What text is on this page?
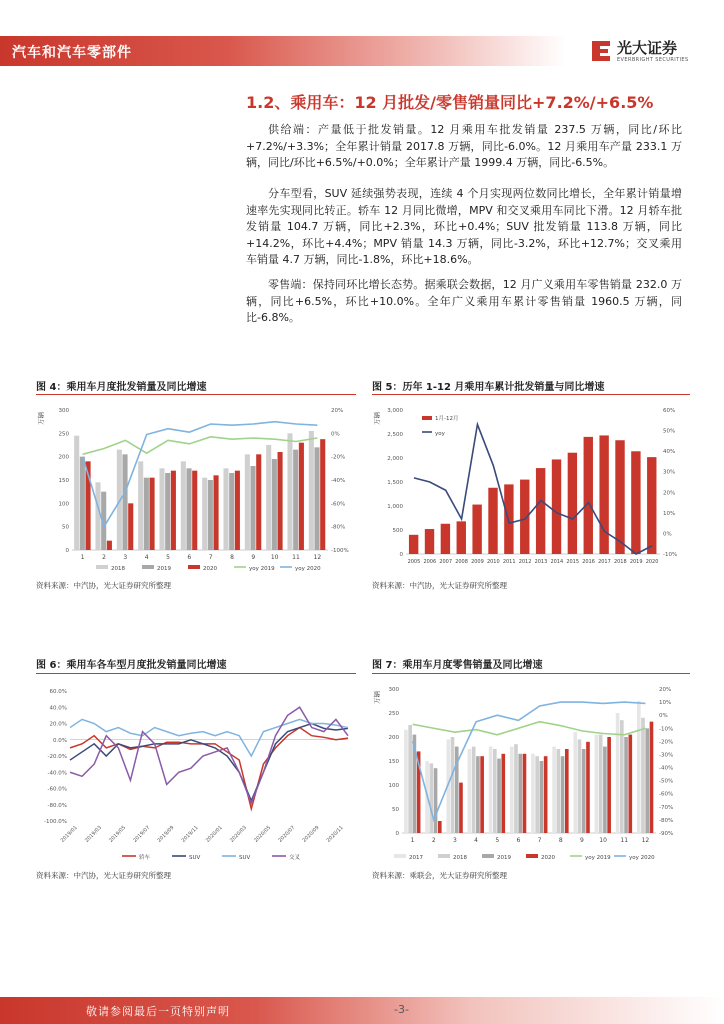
汽车和汽车零部件	光大证券
EVERBRIGHT SECURITIES
1.2、乘用车：12 月批发/零售销量同比+7.2%/+6.5%

供给端：产量低于批发销量。12 月乘用车批发销量 237.5 万辆，同比/环比+7.2%/+3.3%；全年累计销量 2017.8 万辆，同比-6.0%。12 月乘用车产量 233.1 万辆，同比/环比+6.5%/+0.0%；全年累计产量 1999.4 万辆，同比-6.5%。

分车型看，SUV 延续强势表现，连续 4 个月实现两位数同比增长，全年累计销量增速率先实现同比转正。轿车 12 月同比微增，MPV 和交叉乘用车同比下滑。12 月轿车批发销量 104.7 万辆，同比+2.3%，环比+0.4%；SUV 批发销量 113.8 万辆，同比+14.2%，环比+4.4%；MPV 销量 14.3 万辆，同比-3.2%，环比+12.7%；交叉乘用车销量 4.7 万辆，同比-1.8%，环比+18.6%。

零售端：保持同环比增长态势。据乘联会数据，12 月广义乘用车零售销量 232.0 万辆，同比+6.5%，环比+10.0%。全年广义乘用车累计零售销量 1960.5 万辆，同比-6.8%。

图 4：乘用车月度批发销量及同比增速
万辆
0
50
100
150
200
250
300
-100%
-80%
-60%
-40%
-20%
0%
20%
1	2	3	4	5	6	7	8	9	10 11 12
2018	2019	2020	yoy 2019	yoy 2020
资料来源：中汽协，光大证券研究所整理
图 5：历年 1-12 月乘用车累计批发销量与同比增速
万辆
0
500
1,000
1,500
2,000
2,500
3,000
-10%
0%
10%
20%
30%
40%
50%
60%
2005 2006 2007 2008 2009 2010 2011 2012 2013 2014 2015 2016 2017 2018 2019 2020
1月-12月
yoy
资料来源：中汽协，光大证券研究所整理
图 6：乘用车各车型月度批发销量同比增速
-100.0%
-80.0%
-60.0%
-40.0%
-20.0%
0.0%
20.0%
40.0%
60.0%
2019/01 2019/03 2019/05 2019/07 2019/09 2019/11 2020/01 2020/03 2020/05 2020/07 2020/09 2020/11
轿车	SUV	SUV	交叉
资料来源：中汽协，光大证券研究所整理
图 7：乘用车月度零售销量及同比增速
万辆
0
50
100
150
200
250
300
-90%
-80%
-70%
-60%
-50%
-40%
-30%
-20%
-10%
0%
10%
20%
1	2	3	4	5	6	7	8	9	10 11 12
2017	2018	2019	2020	yoy 2019	yoy 2020
资料来源：乘联会，光大证券研究所整理
敬请参阅最后一页特别声明	-3-
